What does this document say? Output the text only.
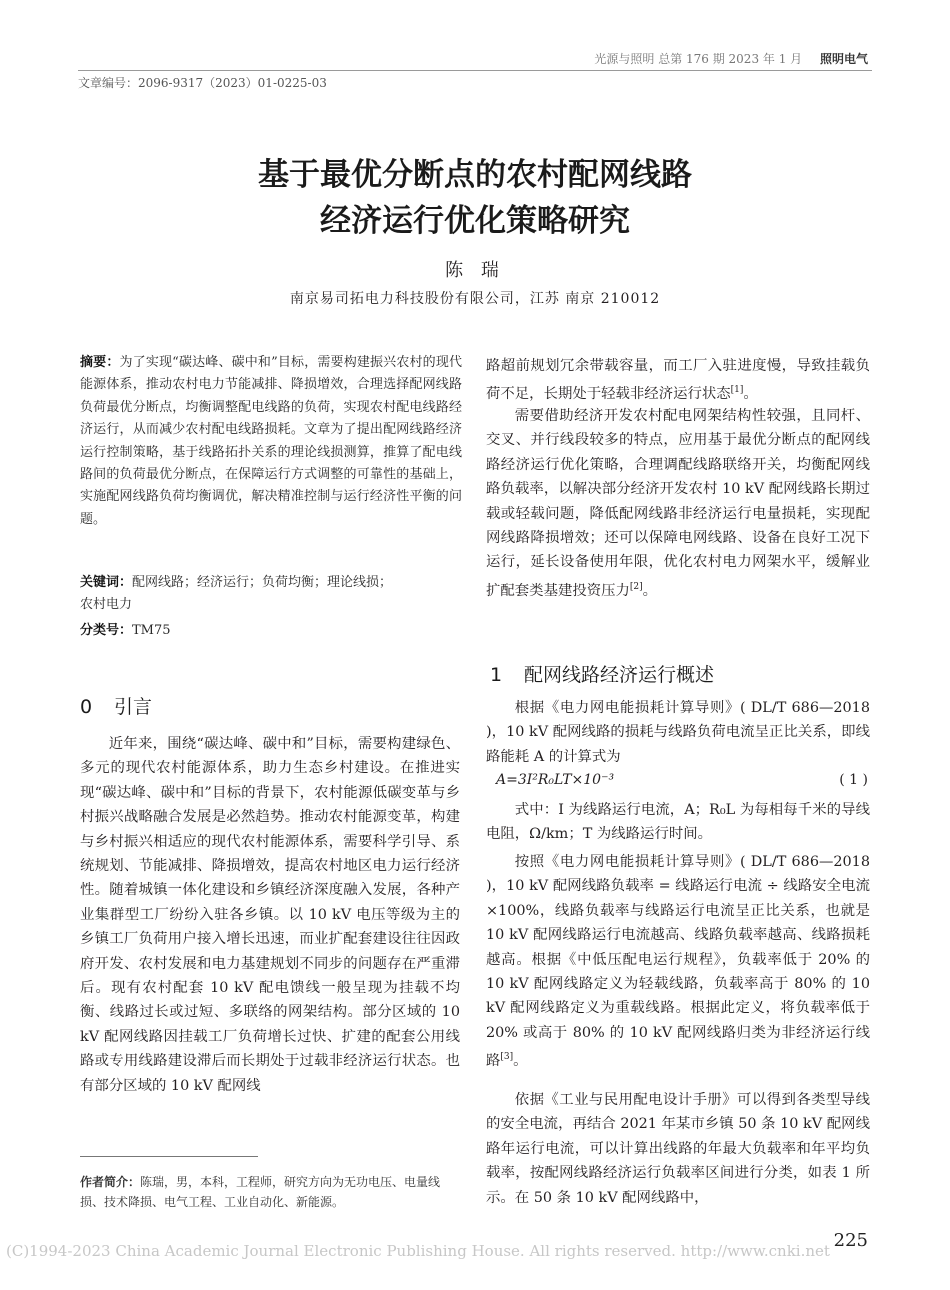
光源与照明 总第 176 期 2023 年 1 月 照明电气
文章编号：2096-9317（2023）01-0225-03
基于最优分断点的农村配网线路
经济运行优化策略研究
陈 瑞
南京易司拓电力科技股份有限公司，江苏 南京 210012
摘要：为了实现“碳达峰、碳中和”目标，需要构建振兴农村的现代能源体系，推动农村电力节能减排、降损增效，合理选择配网线路负荷最优分断点，均衡调整配电线路的负荷，实现农村配电线路经济运行，从而减少农村配电线路损耗。文章为了提出配网线路经济运行控制策略，基于线路拓扑关系的理论线损测算，推算了配电线路间的负荷最优分断点，在保障运行方式调整的可靠性的基础上，实施配网线路负荷均衡调优，解决精准控制与运行经济性平衡的问题。
关键词：配网线路；经济运行；负荷均衡；理论线损；
农村电力
分类号：TM75
0 引言
近年来，围绕“碳达峰、碳中和”目标，需要构建绿色、多元的现代农村能源体系，助力生态乡村建设。在推进实现“碳达峰、碳中和”目标的背景下，农村能源低碳变革与乡村振兴战略融合发展是必然趋势。推动农村能源变革，构建与乡村振兴相适应的现代农村能源体系，需要科学引导、系统规划、节能减排、降损增效，提高农村地区电力运行经济性。随着城镇一体化建设和乡镇经济深度融入发展，各种产业集群型工厂纷纷入驻各乡镇。以 10 kV 电压等级为主的乡镇工厂负荷用户接入增长迅速，而业扩配套建设往往因政府开发、农村发展和电力基建规划不同步的问题存在严重滞后。现有农村配套 10 kV 配电馈线一般呈现为挂载不均衡、线路过长或过短、多联络的网架结构。部分区域的 10 kV 配网线路因挂载工厂负荷增长过快、扩建的配套公用线路或专用线路建设滞后而长期处于过载非经济运行状态。也有部分区域的 10 kV 配网线
路超前规划冗余带载容量，而工厂入驻进度慢，导致挂载负荷不足，长期处于轻载非经济运行状态[1]。
需要借助经济开发农村配电网架结构性较强，且同杆、交叉、并行线段较多的特点，应用基于最优分断点的配网线路经济运行优化策略，合理调配线路联络开关，均衡配网线路负载率，以解决部分经济开发农村 10 kV 配网线路长期过载或轻载问题，降低配网线路非经济运行电量损耗，实现配网线路降损增效；还可以保障电网线路、设备在良好工况下运行，延长设备使用年限，优化农村电力网架水平，缓解业扩配套类基建投资压力[2]。
1 配网线路经济运行概述
根据《电力网电能损耗计算导则》( DL/T 686—2018 )，10 kV 配网线路的损耗与线路负荷电流呈正比关系，即线路能耗 A 的计算式为
A=3I²R₀LT×10⁻³	( 1 )
式中：I 为线路运行电流，A；R₀L 为每相每千米的导线电阻，Ω/km；T 为线路运行时间。
按照《电力网电能损耗计算导则》( DL/T 686—2018 )，10 kV 配网线路负载率 = 线路运行电流 ÷ 线路安全电流 ×100%，线路负载率与线路运行电流呈正比关系，也就是 10 kV 配网线路运行电流越高、线路负载率越高、线路损耗越高。根据《中低压配电运行规程》，负载率低于 20% 的 10 kV 配网线路定义为轻载线路，负载率高于 80% 的 10 kV 配网线路定义为重载线路。根据此定义，将负载率低于 20% 或高于 80% 的 10 kV 配网线路归类为非经济运行线路[3]。
依据《工业与民用配电设计手册》可以得到各类型导线的安全电流，再结合 2021 年某市乡镇 50 条 10 kV 配网线路年运行电流，可以计算出线路的年最大负载率和年平均负载率，按配网线路经济运行负载率区间进行分类，如表 1 所示。在 50 条 10 kV 配网线路中，
作者简介：陈瑞，男，本科，工程师，研究方向为无功电压、电量线损、技术降损、电气工程、工业自动化、新能源。
225
(C)1994-2023 China Academic Journal Electronic Publishing House. All rights reserved. http://www.cnki.net
